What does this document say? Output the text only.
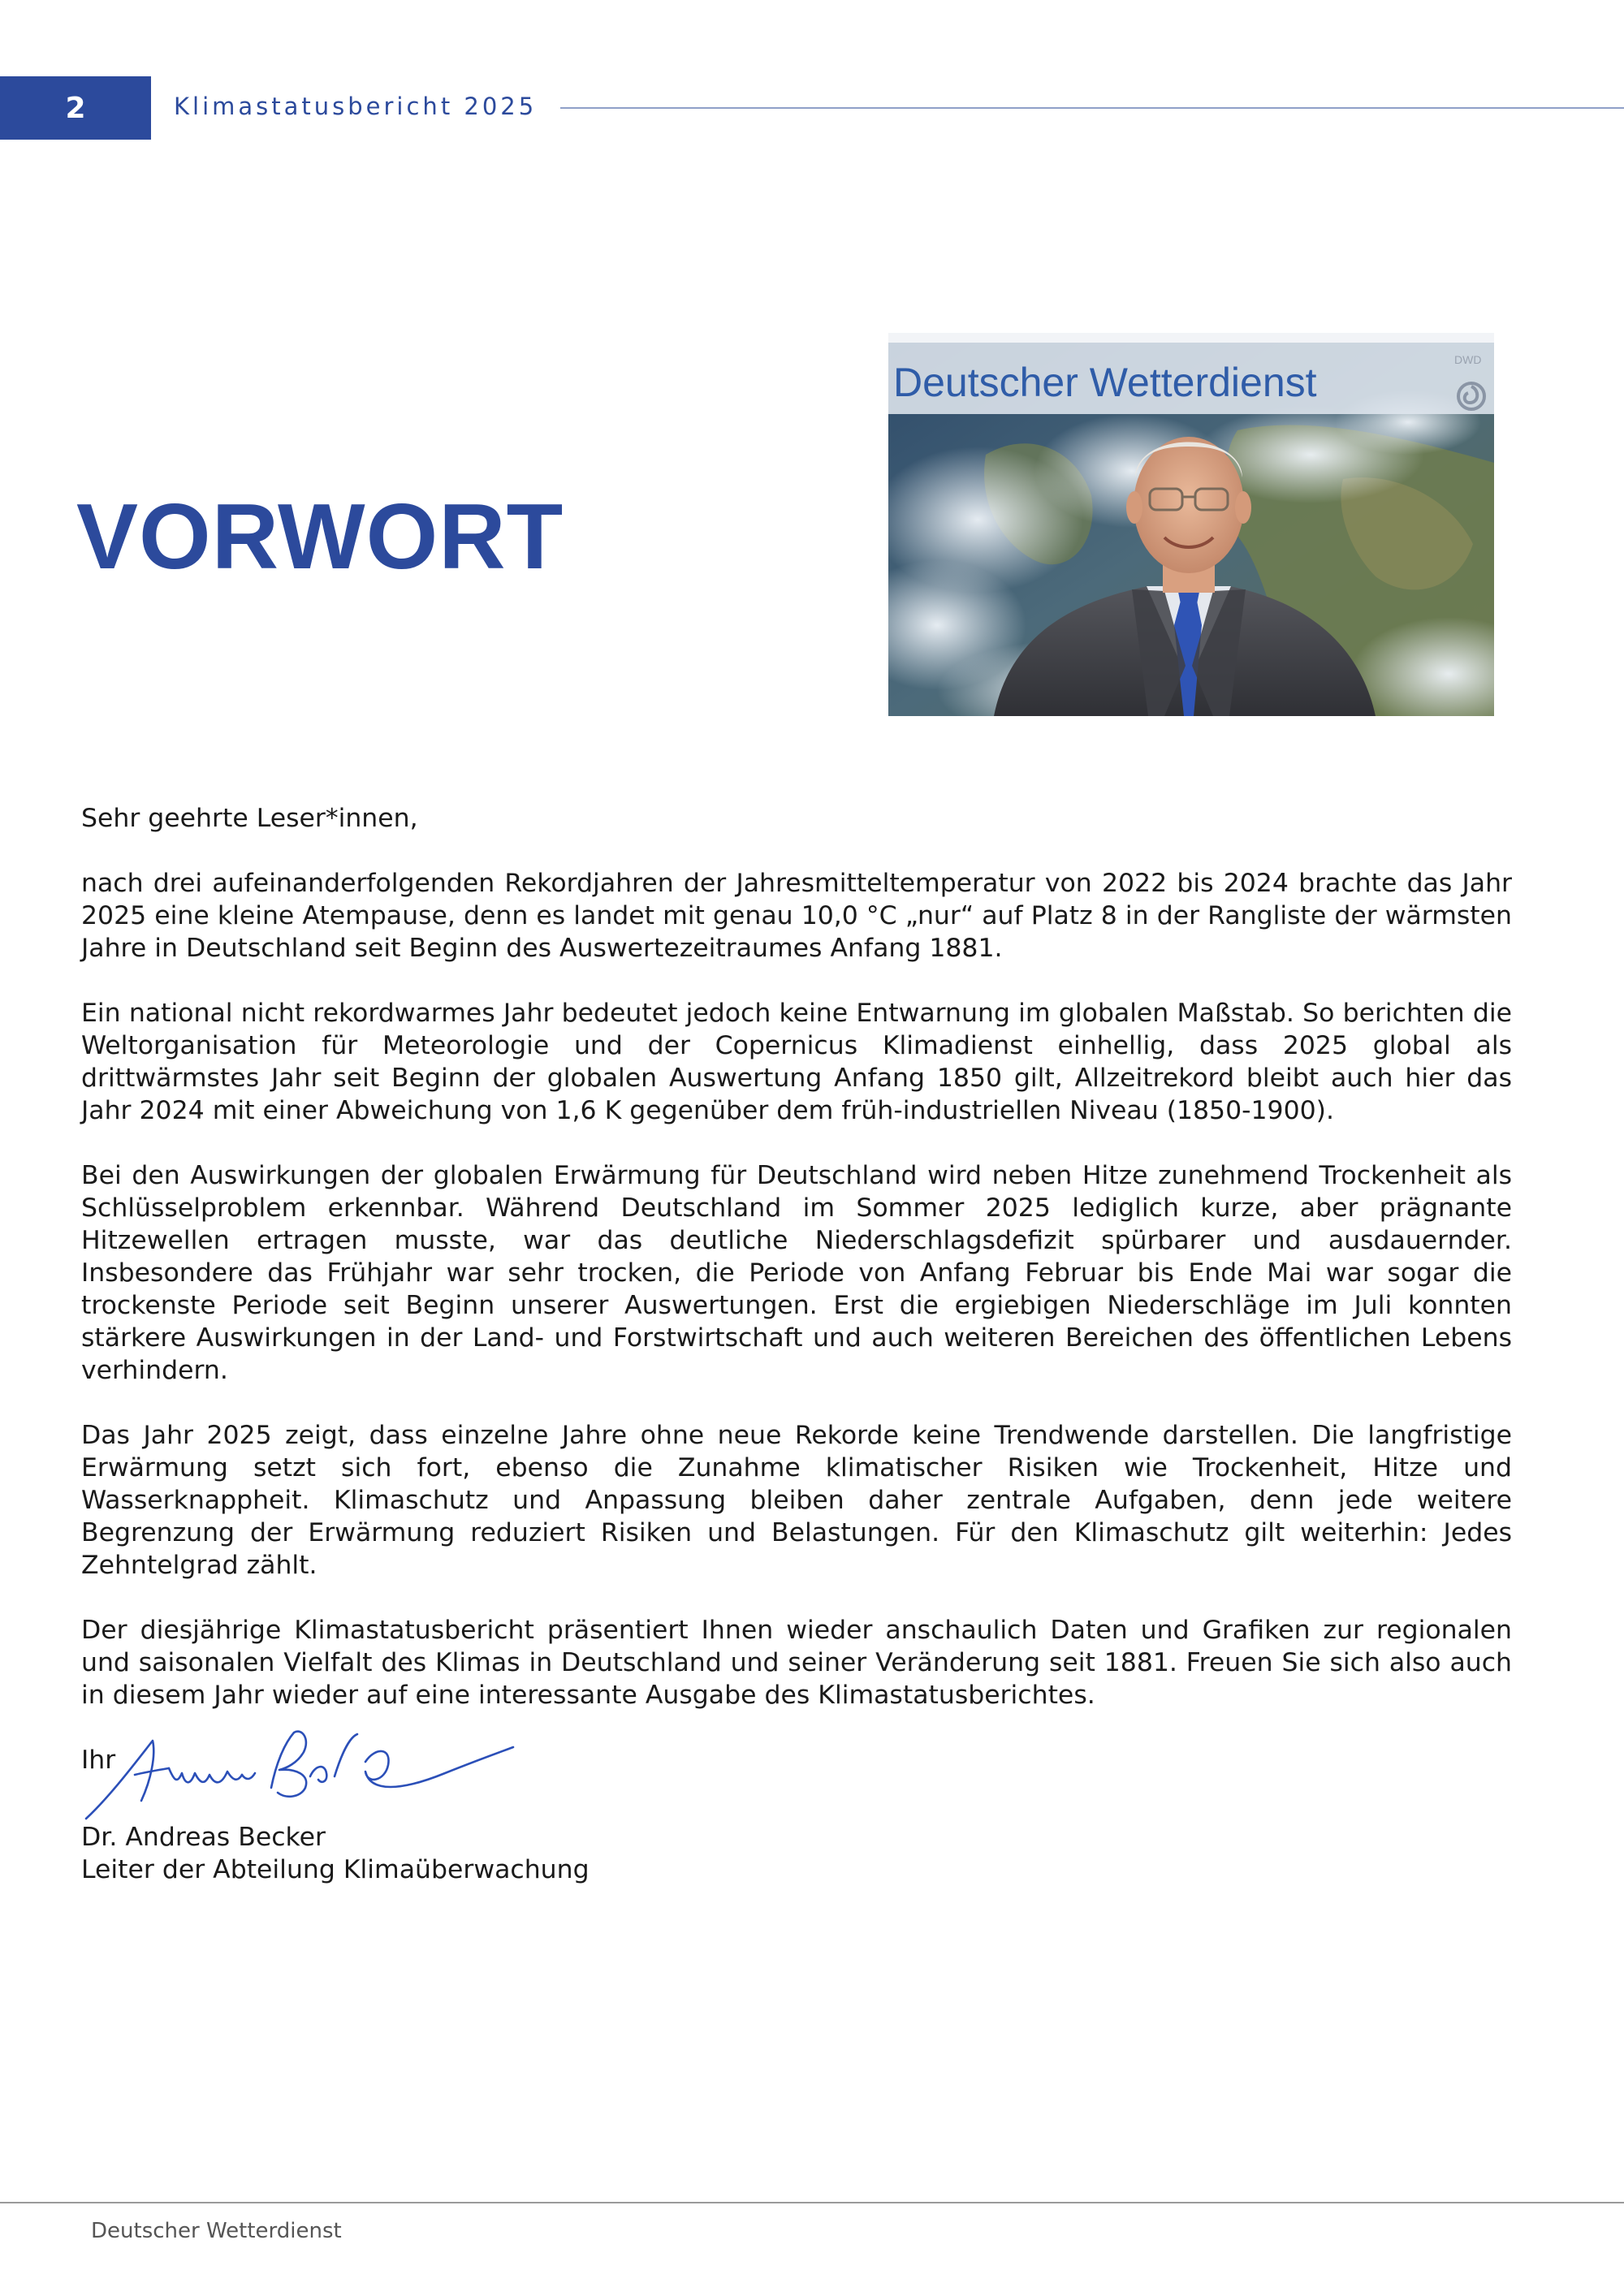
2	Klimastatusbericht 2025
VORWORT
Deutscher Wetterdienst	DWD

Sehr geehrte Leser*innen,

nach drei aufeinanderfolgenden Rekordjahren der Jahresmitteltemperatur von 2022 bis 2024 brachte das Jahr 2025 eine kleine Atempause, denn es landet mit genau 10,0 °C „nur“ auf Platz 8 in der Rangliste der wärmsten Jahre in Deutschland seit Beginn des Auswertezeitraumes Anfang 1881.

Ein national nicht rekordwarmes Jahr bedeutet jedoch keine Entwarnung im globalen Maßstab. So berichten die Weltorganisation für Meteorologie und der Copernicus Klimadienst einhellig, dass 2025 global als drittwärmstes Jahr seit Beginn der globalen Auswertung Anfang 1850 gilt, Allzeitrekord bleibt auch hier das Jahr 2024 mit einer Abweichung von 1,6 K gegenüber dem früh-industriellen Niveau (1850-1900).

Bei den Auswirkungen der globalen Erwärmung für Deutschland wird neben Hitze zunehmend Trockenheit als Schlüsselproblem erkennbar. Während Deutschland im Sommer 2025 lediglich kurze, aber prägnante Hitzewellen ertragen musste, war das deutliche Niederschlagsdefizit spürbarer und ausdauernder. Insbesondere das Frühjahr war sehr trocken, die Periode von Anfang Februar bis Ende Mai war sogar die trockenste Periode seit Beginn unserer Auswertungen. Erst die ergiebigen Niederschläge im Juli konnten stärkere Auswirkungen in der Land- und Forstwirtschaft und auch weiteren Bereichen des öffentlichen Lebens verhindern.

Das Jahr 2025 zeigt, dass einzelne Jahre ohne neue Rekorde keine Trendwende darstellen. Die langfristige Erwärmung setzt sich fort, ebenso die Zunahme klimatischer Risiken wie Trockenheit, Hitze und Wasserknappheit. Klimaschutz und Anpassung bleiben daher zentrale Aufgaben, denn jede weitere Begrenzung der Erwärmung reduziert Risiken und Belastungen. Für den Klimaschutz gilt weiterhin: Jedes Zehntelgrad zählt.

Der diesjährige Klimastatusbericht präsentiert Ihnen wieder anschaulich Daten und Grafiken zur regionalen und saisonalen Vielfalt des Klimas in Deutschland und seiner Veränderung seit 1881. Freuen Sie sich also auch in diesem Jahr wieder auf eine interessante Ausgabe des Klimastatusberichtes.

Ihr

Dr. Andreas Becker
Leiter der Abteilung Klimaüberwachung
Deutscher Wetterdienst
